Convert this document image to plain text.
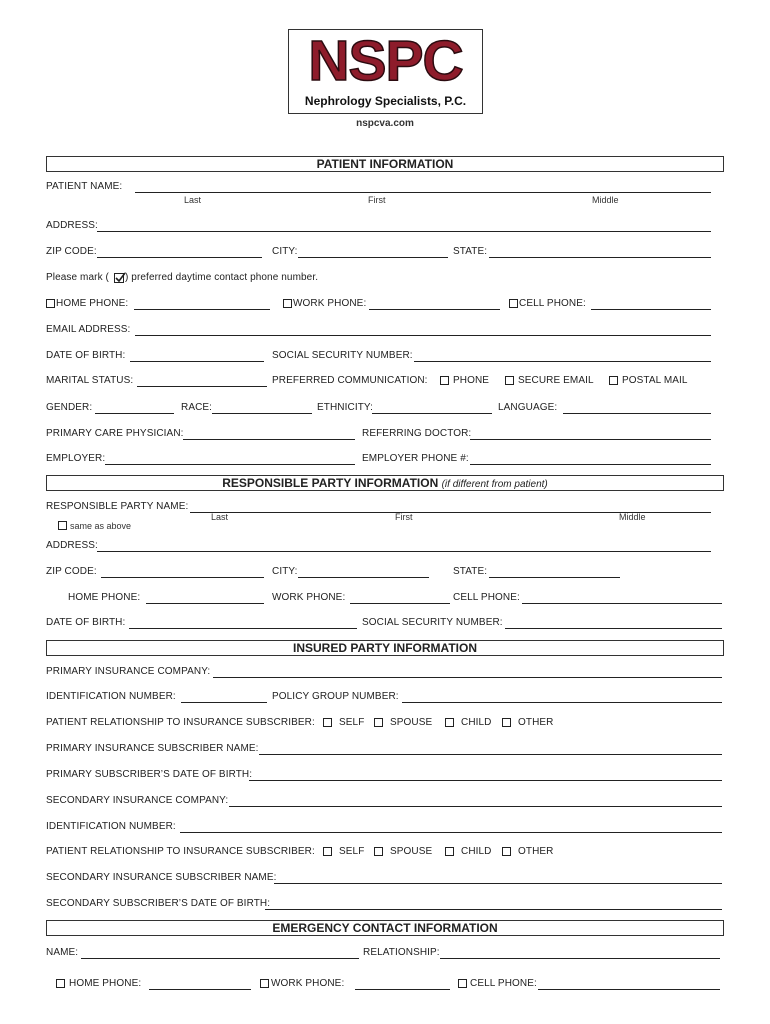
NSPC
Nephrology Specialists, P.C.
nspcva.com
PATIENT INFORMATION
PATIENT NAME:
Last	First	Middle
ADDRESS:
ZIP CODE:	CITY:	STATE:
Please mark ( ) preferred daytime contact phone number.
HOME PHONE:	WORK PHONE:	CELL PHONE:
EMAIL ADDRESS:
DATE OF BIRTH:	SOCIAL SECURITY NUMBER:
MARITAL STATUS:	PREFERRED COMMUNICATION:	PHONE	SECURE EMAIL	POSTAL MAIL
GENDER:	RACE:	ETHNICITY:	LANGUAGE:
PRIMARY CARE PHYSICIAN:	REFERRING DOCTOR:
EMPLOYER:	EMPLOYER PHONE #:
RESPONSIBLE PARTY INFORMATION (if different from patient)
RESPONSIBLE PARTY NAME:
Last	First	Middle
same as above
ADDRESS:
ZIP CODE:	CITY:	STATE:
HOME PHONE:	WORK PHONE:	CELL PHONE:
DATE OF BIRTH:	SOCIAL SECURITY NUMBER:
INSURED PARTY INFORMATION
PRIMARY INSURANCE COMPANY:
IDENTIFICATION NUMBER:	POLICY GROUP NUMBER:
PATIENT RELATIONSHIP TO INSURANCE SUBSCRIBER: SELF	SPOUSE	CHILD	OTHER
PRIMARY INSURANCE SUBSCRIBER NAME:
PRIMARY SUBSCRIBER’S DATE OF BIRTH:
SECONDARY INSURANCE COMPANY:
IDENTIFICATION NUMBER:
PATIENT RELATIONSHIP TO INSURANCE SUBSCRIBER: SELF	SPOUSE	CHILD	OTHER
SECONDARY INSURANCE SUBSCRIBER NAME:
SECONDARY SUBSCRIBER’S DATE OF BIRTH:
EMERGENCY CONTACT INFORMATION
NAME:	RELATIONSHIP:
HOME PHONE:	WORK PHONE:	CELL PHONE:
